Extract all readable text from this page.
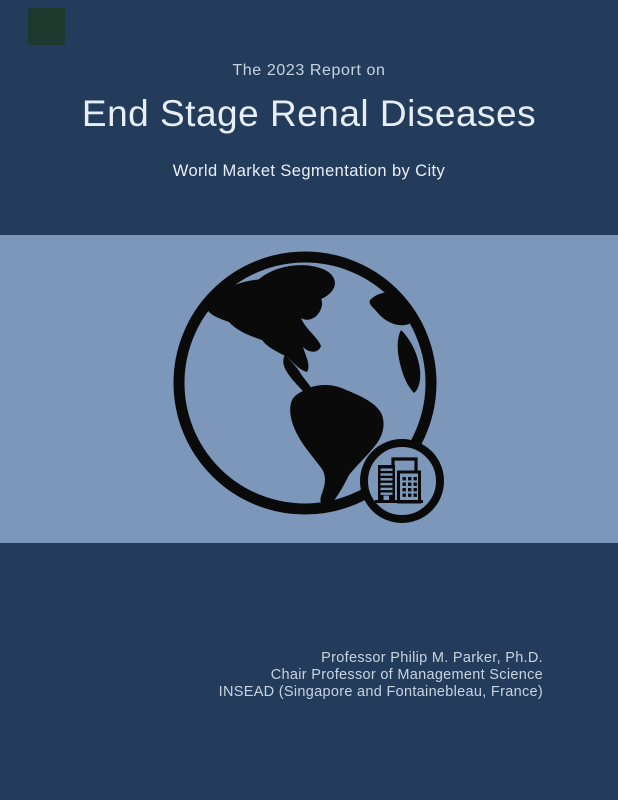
The 2023 Report on
End Stage Renal Diseases
World Market Segmentation by City
Professor Philip M. Parker, Ph.D.
Chair Professor of Management Science
INSEAD (Singapore and Fontainebleau, France)
